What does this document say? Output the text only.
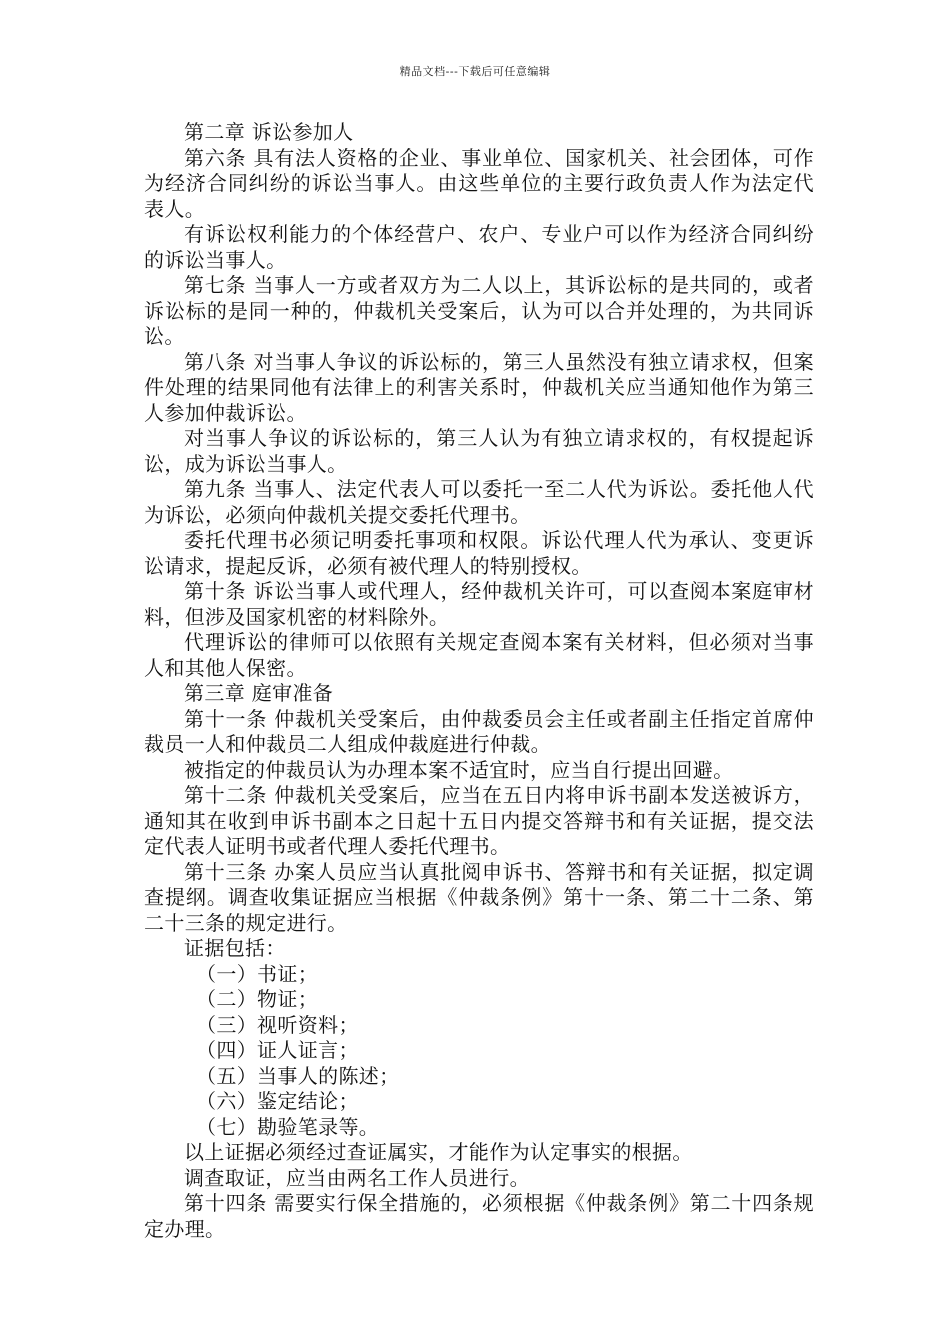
精品文档---下载后可任意编辑

第二章 诉讼参加人

第六条 具有法人资格的企业、事业单位、国家机关、社会团体，可作为经济合同纠纷的诉讼当事人。由这些单位的主要行政负责人作为法定代表人。

有诉讼权利能力的个体经营户、农户、专业户可以作为经济合同纠纷的诉讼当事人。

第七条 当事人一方或者双方为二人以上，其诉讼标的是共同的，或者诉讼标的是同一种的，仲裁机关受案后，认为可以合并处理的，为共同诉讼。

第八条 对当事人争议的诉讼标的，第三人虽然没有独立请求权，但案件处理的结果同他有法律上的利害关系时，仲裁机关应当通知他作为第三人参加仲裁诉讼。

对当事人争议的诉讼标的，第三人认为有独立请求权的，有权提起诉讼，成为诉讼当事人。

第九条 当事人、法定代表人可以委托一至二人代为诉讼。委托他人代为诉讼，必须向仲裁机关提交委托代理书。

委托代理书必须记明委托事项和权限。诉讼代理人代为承认、变更诉讼请求，提起反诉，必须有被代理人的特别授权。

第十条 诉讼当事人或代理人，经仲裁机关许可，可以查阅本案庭审材料，但涉及国家机密的材料除外。

代理诉讼的律师可以依照有关规定查阅本案有关材料，但必须对当事人和其他人保密。

第三章 庭审准备

第十一条 仲裁机关受案后，由仲裁委员会主任或者副主任指定首席仲裁员一人和仲裁员二人组成仲裁庭进行仲裁。

被指定的仲裁员认为办理本案不适宜时，应当自行提出回避。

第十二条 仲裁机关受案后，应当在五日内将申诉书副本发送被诉方，通知其在收到申诉书副本之日起十五日内提交答辩书和有关证据，提交法定代表人证明书或者代理人委托代理书。

第十三条 办案人员应当认真批阅申诉书、答辩书和有关证据，拟定调查提纲。调查收集证据应当根据《仲裁条例》第十一条、第二十二条、第二十三条的规定进行。

证据包括：

（一）书证；

（二）物证；

（三）视听资料；

（四）证人证言；

（五）当事人的陈述；

（六）鉴定结论；

（七）勘验笔录等。

以上证据必须经过查证属实，才能作为认定事实的根据。

调查取证，应当由两名工作人员进行。

第十四条 需要实行保全措施的，必须根据《仲裁条例》第二十四条规定办理。
